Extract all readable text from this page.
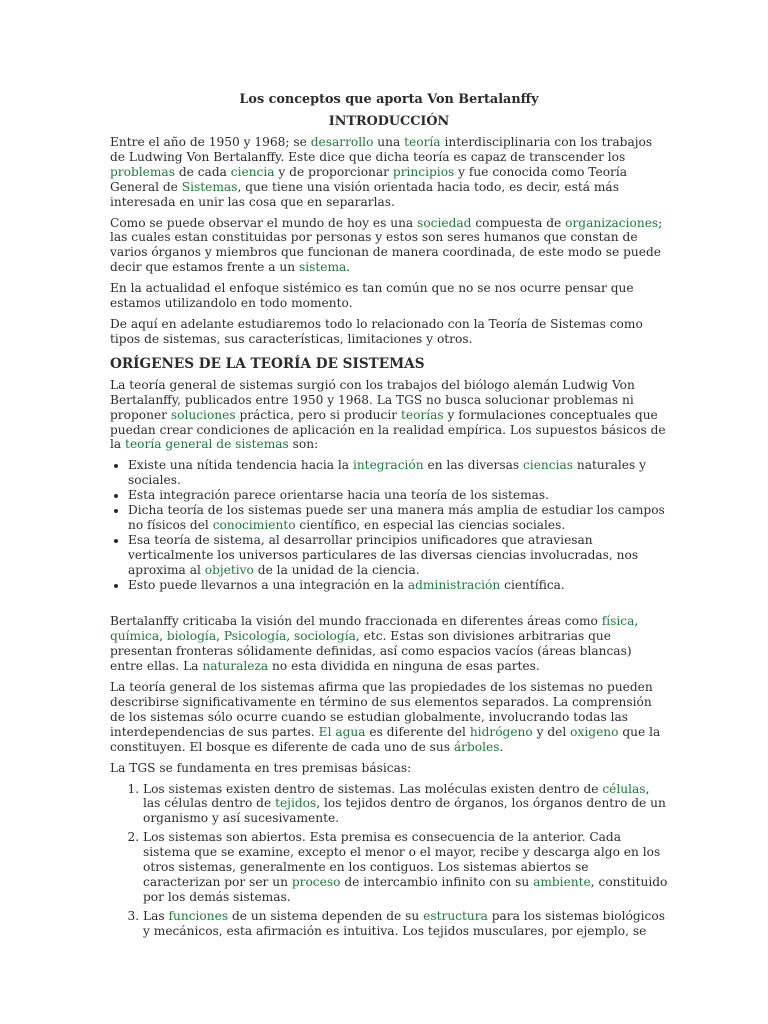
Los conceptos que aporta Von Bertalanffy
INTRODUCCIÓN

Entre el año de 1950 y 1968; se desarrollo una teoría interdisciplinaria con los trabajos de Ludwing Von Bertalanffy. Este dice que dicha teoría es capaz de transcender los problemas de cada ciencia y de proporcionar principios y fue conocida como Teoría General de Sistemas, que tiene una visión orientada hacia todo, es decir, está más interesada en unir las cosa que en separarlas.

Como se puede observar el mundo de hoy es una sociedad compuesta de organizaciones; las cuales estan constituidas por personas y estos son seres humanos que constan de varios órganos y miembros que funcionan de manera coordinada, de este modo se puede decir que estamos frente a un sistema.

En la actualidad el enfoque sistémico es tan común que no se nos ocurre pensar que estamos utilizandolo en todo momento.

De aquí en adelante estudiaremos todo lo relacionado con la Teoría de Sistemas como tipos de sistemas, sus características, limitaciones y otros.

ORÍGENES DE LA TEORÍA DE SISTEMAS

La teoría general de sistemas surgió con los trabajos del biólogo alemán Ludwig Von Bertalanffy, publicados entre 1950 y 1968. La TGS no busca solucionar problemas ni proponer soluciones práctica, pero si producir teorías y formulaciones conceptuales que puedan crear condiciones de aplicación en la realidad empírica. Los supuestos básicos de la teoría general de sistemas son:

• Existe una nítida tendencia hacia la integración en las diversas ciencias naturales y sociales.
• Esta integración parece orientarse hacia una teoría de los sistemas.
• Dicha teoría de los sistemas puede ser una manera más amplia de estudiar los campos no físicos del conocimiento científico, en especial las ciencias sociales.
• Esa teoría de sistema, al desarrollar principios unificadores que atraviesan verticalmente los universos particulares de las diversas ciencias involucradas, nos aproxima al objetivo de la unidad de la ciencia.
• Esto puede llevarnos a una integración en la administración científica.

Bertalanffy criticaba la visión del mundo fraccionada en diferentes áreas como física, química, biología, Psicología, sociología, etc. Estas son divisiones arbitrarias que presentan fronteras sólidamente definidas, así como espacios vacíos (áreas blancas) entre ellas. La naturaleza no esta dividida en ninguna de esas partes.

La teoría general de los sistemas afirma que las propiedades de los sistemas no pueden describirse significativamente en término de sus elementos separados. La comprensión de los sistemas sólo ocurre cuando se estudian globalmente, involucrando todas las interdependencias de sus partes. El agua es diferente del hidrógeno y del oxigeno que la constituyen. El bosque es diferente de cada uno de sus árboles.

La TGS se fundamenta en tres premisas básicas:

1. Los sistemas existen dentro de sistemas. Las moléculas existen dentro de células, las células dentro de tejidos, los tejidos dentro de órganos, los órganos dentro de un organismo y así sucesivamente.
2. Los sistemas son abiertos. Esta premisa es consecuencia de la anterior. Cada sistema que se examine, excepto el menor o el mayor, recibe y descarga algo en los otros sistemas, generalmente en los contiguos. Los sistemas abiertos se caracterizan por ser un proceso de intercambio infinito con su ambiente, constituido por los demás sistemas.
3. Las funciones de un sistema dependen de su estructura para los sistemas biológicos y mecánicos, esta afirmación es intuitiva. Los tejidos musculares, por ejemplo, se
